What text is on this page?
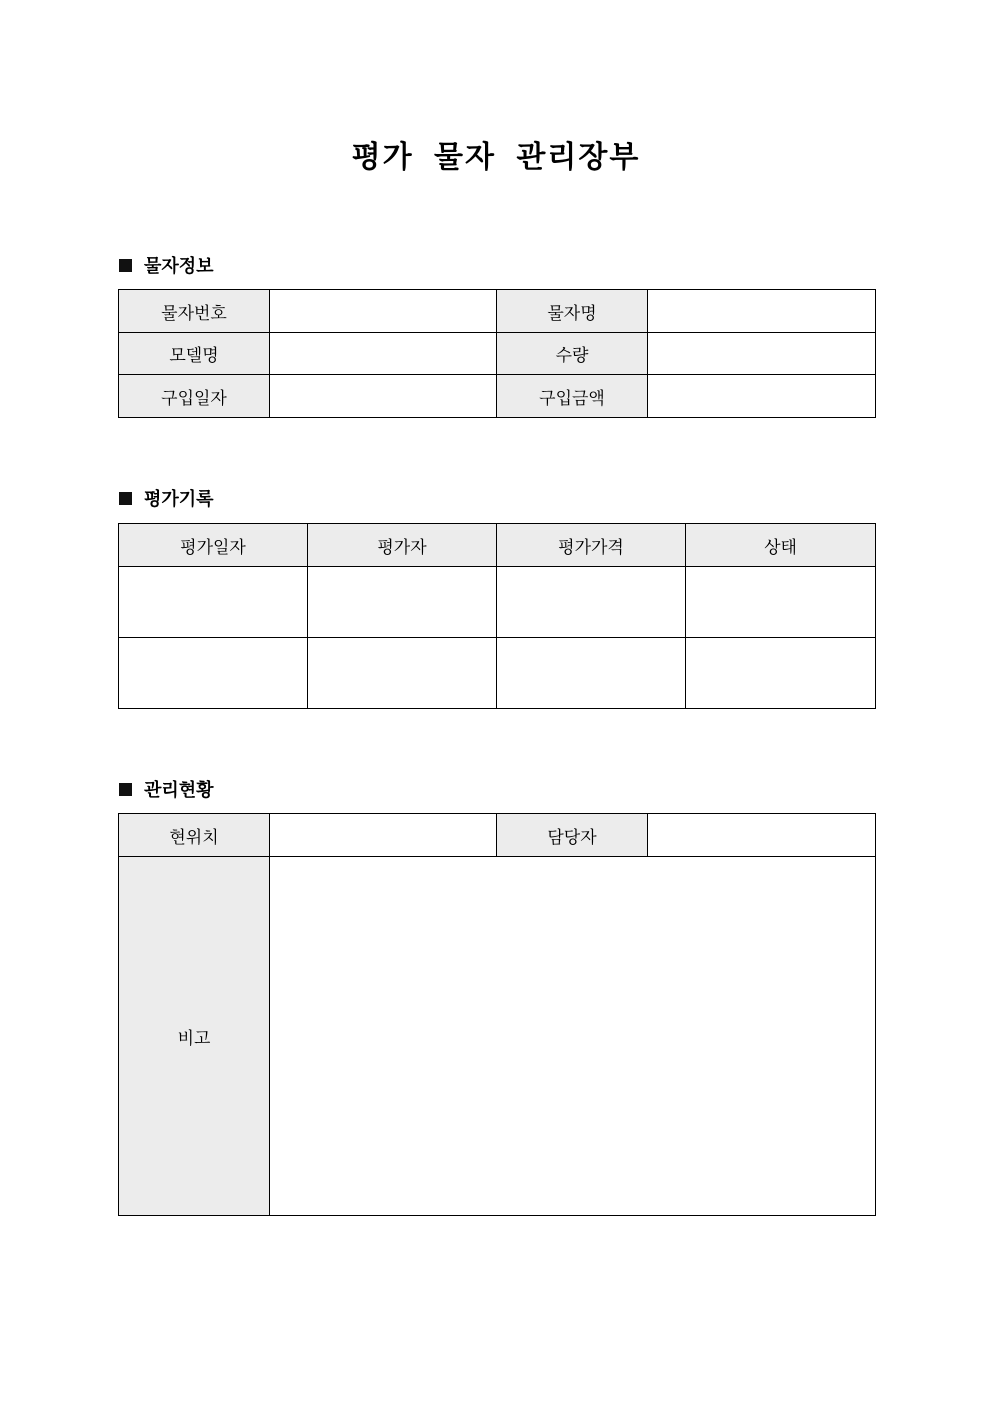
평가 물자 관리장부
물자정보
물자번호		물자명	
모델명		수량	
구입일자		구입금액	
평가기록
평가일자	평가자	평가가격	상태

관리현황
현위치		담당자	
비고			
